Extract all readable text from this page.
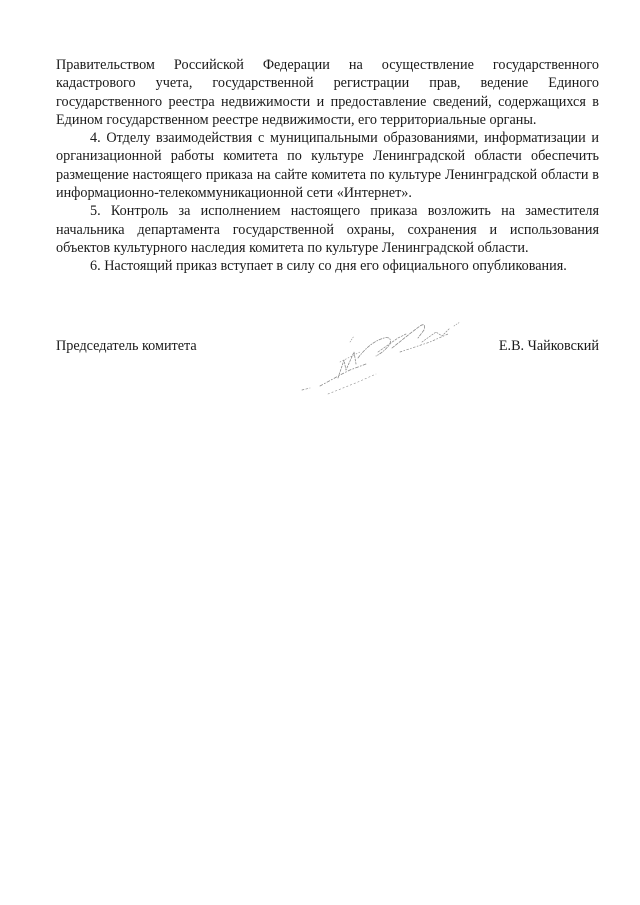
Правительством Российской Федерации на осуществление государственного кадастрового учета, государственной регистрации прав, ведение Единого государственного реестра недвижимости и предоставление сведений, содержащихся в Едином государственном реестре недвижимости, его территориальные органы.

4. Отделу взаимодействия с муниципальными образованиями, информатизации и организационной работы комитета по культуре Ленинградской области обеспечить размещение настоящего приказа на сайте комитета по культуре Ленинградской области в информационно-телекоммуникационной сети «Интернет».

5. Контроль за исполнением настоящего приказа возложить на заместителя начальника департамента государственной охраны, сохранения и использования объектов культурного наследия комитета по культуре Ленинградской области.

6. Настоящий приказ вступает в силу со дня его официального опубликования.

Председатель комитета	Е.В. Чайковский
